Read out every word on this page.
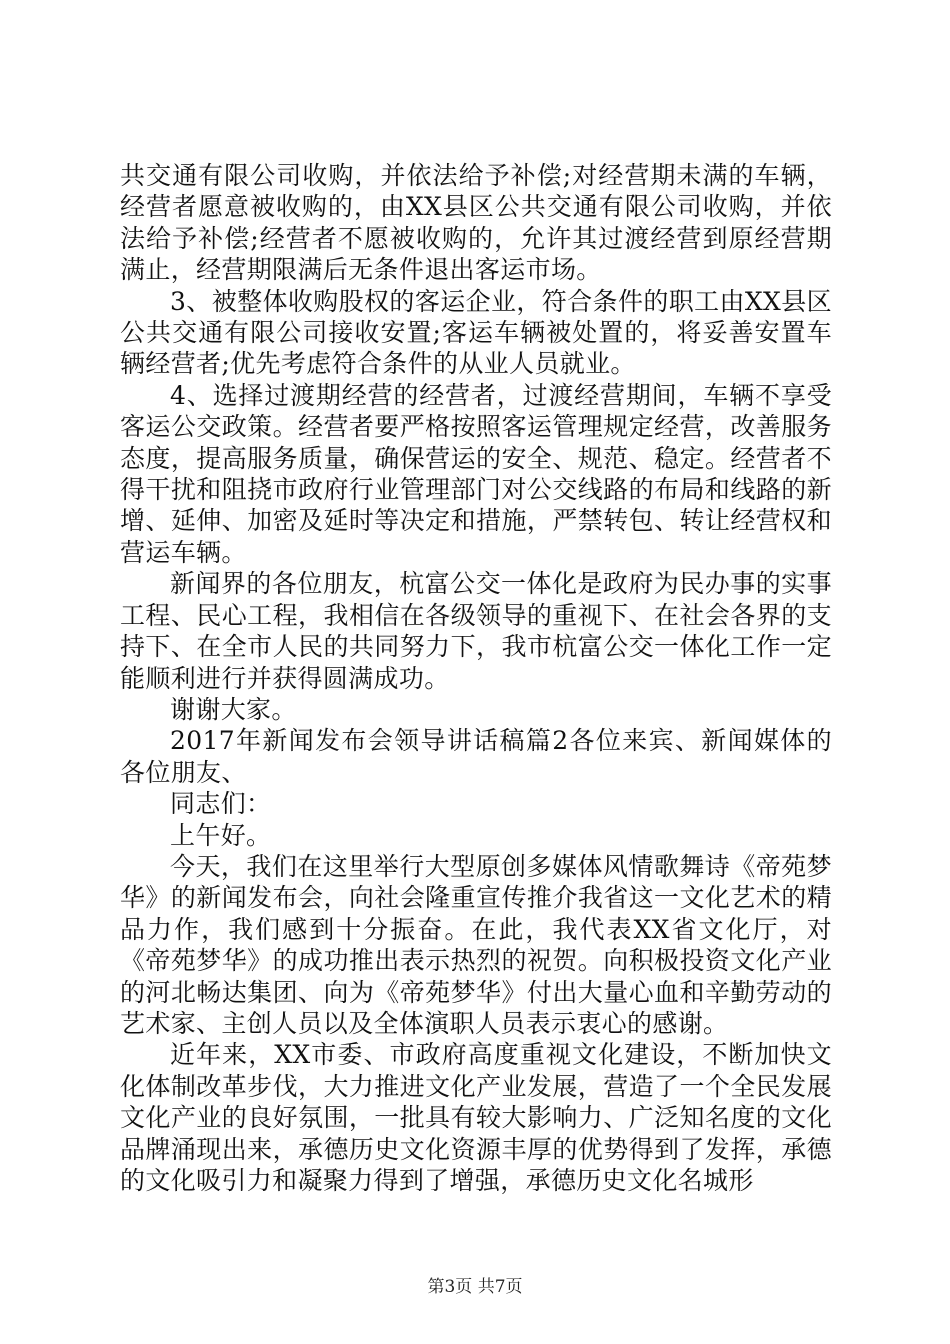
共交通有限公司收购，并依法给予补偿;对经营期未满的车辆，经营者愿意被收购的，由XX县区公共交通有限公司收购，并依法给予补偿;经营者不愿被收购的，允许其过渡经营到原经营期满止，经营期限满后无条件退出客运市场。

3、被整体收购股权的客运企业，符合条件的职工由XX县区公共交通有限公司接收安置;客运车辆被处置的，将妥善安置车辆经营者;优先考虑符合条件的从业人员就业。

4、选择过渡期经营的经营者，过渡经营期间，车辆不享受客运公交政策。经营者要严格按照客运管理规定经营，改善服务态度，提高服务质量，确保营运的安全、规范、稳定。经营者不得干扰和阻挠市政府行业管理部门对公交线路的布局和线路的新增、延伸、加密及延时等决定和措施，严禁转包、转让经营权和营运车辆。

新闻界的各位朋友，杭富公交一体化是政府为民办事的实事工程、民心工程，我相信在各级领导的重视下、在社会各界的支持下、在全市人民的共同努力下，我市杭富公交一体化工作一定能顺利进行并获得圆满成功。

谢谢大家。

2017年新闻发布会领导讲话稿篇2各位来宾、新闻媒体的各位朋友、

同志们：

上午好。

今天，我们在这里举行大型原创多媒体风情歌舞诗《帝苑梦华》的新闻发布会，向社会隆重宣传推介我省这一文化艺术的精品力作，我们感到十分振奋。在此，我代表XX省文化厅，对《帝苑梦华》的成功推出表示热烈的祝贺。向积极投资文化产业的河北畅达集团、向为《帝苑梦华》付出大量心血和辛勤劳动的艺术家、主创人员以及全体演职人员表示衷心的感谢。

近年来，XX市委、市政府高度重视文化建设，不断加快文化体制改革步伐，大力推进文化产业发展，营造了一个全民发展文化产业的良好氛围，一批具有较大影响力、广泛知名度的文化品牌涌现出来，承德历史文化资源丰厚的优势得到了发挥，承德的文化吸引力和凝聚力得到了增强，承德历史文化名城形

第3页 共7页
